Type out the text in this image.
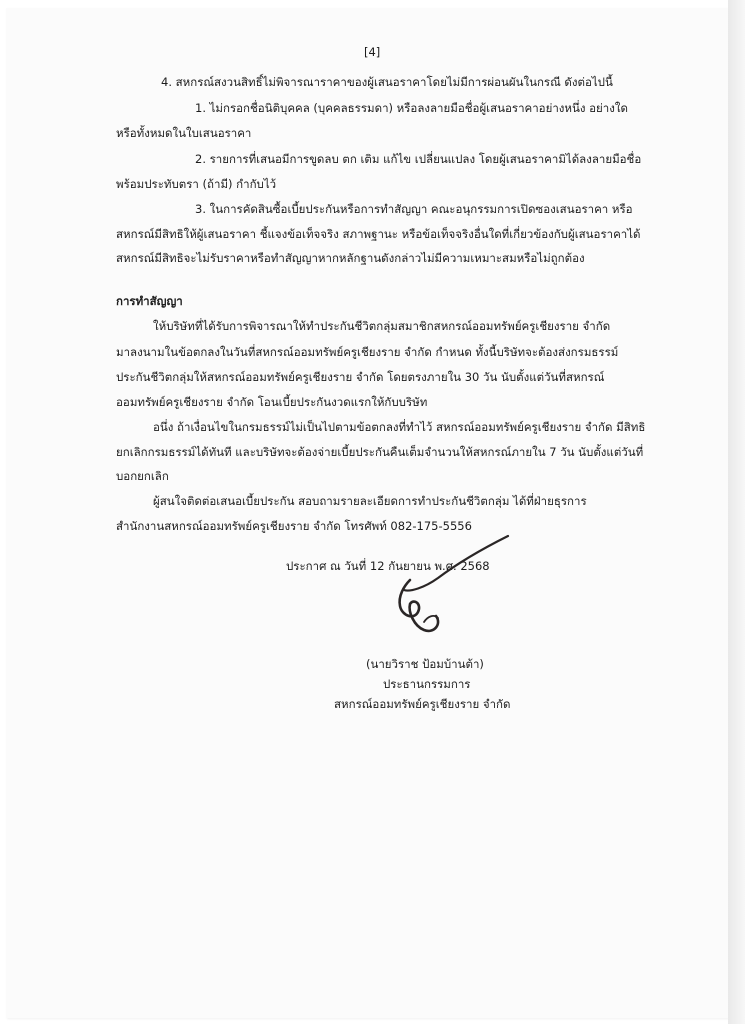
[4]
4. สหกรณ์สงวนสิทธิ์ไม่พิจารณาราคาของผู้เสนอราคาโดยไม่มีการผ่อนผันในกรณี ดังต่อไปนี้
1. ไม่กรอกชื่อนิติบุคคล (บุคคลธรรมดา) หรือลงลายมือชื่อผู้เสนอราคาอย่างหนึ่ง อย่างใด
หรือทั้งหมดในใบเสนอราคา
2. รายการที่เสนอมีการขูดลบ ตก เติม แก้ไข เปลี่ยนแปลง โดยผู้เสนอราคามิได้ลงลายมือชื่อ
พร้อมประทับตรา (ถ้ามี) กำกับไว้
3. ในการคัดสินซื้อเบี้ยประกันหรือการทำสัญญา คณะอนุกรรมการเปิดซองเสนอราคา หรือ
สหกรณ์มีสิทธิให้ผู้เสนอราคา ชี้แจงข้อเท็จจริง สภาพฐานะ หรือข้อเท็จจริงอื่นใดที่เกี่ยวข้องกับผู้เสนอราคาได้
สหกรณ์มีสิทธิจะไม่รับราคาหรือทำสัญญาหากหลักฐานดังกล่าวไม่มีความเหมาะสมหรือไม่ถูกต้อง
การทำสัญญา
ให้บริษัทที่ได้รับการพิจารณาให้ทำประกันชีวิตกลุ่มสมาชิกสหกรณ์ออมทรัพย์ครูเชียงราย จำกัด
มาลงนามในข้อตกลงในวันที่สหกรณ์ออมทรัพย์ครูเชียงราย จำกัด กำหนด ทั้งนี้บริษัทจะต้องส่งกรมธรรม์
ประกันชีวิตกลุ่มให้สหกรณ์ออมทรัพย์ครูเชียงราย จำกัด โดยตรงภายใน 30 วัน นับตั้งแต่วันที่สหกรณ์
ออมทรัพย์ครูเชียงราย จำกัด โอนเบี้ยประกันงวดแรกให้กับบริษัท
อนึ่ง ถ้าเงื่อนไขในกรมธรรม์ไม่เป็นไปตามข้อตกลงที่ทำไว้ สหกรณ์ออมทรัพย์ครูเชียงราย จำกัด มีสิทธิ
ยกเลิกกรมธรรม์ได้ทันที และบริษัทจะต้องจ่ายเบี้ยประกันคืนเต็มจำนวนให้สหกรณ์ภายใน 7 วัน นับตั้งแต่วันที่
บอกยกเลิก
ผู้สนใจติดต่อเสนอเบี้ยประกัน สอบถามรายละเอียดการทำประกันชีวิตกลุ่ม ได้ที่ฝ่ายธุรการ
สำนักงานสหกรณ์ออมทรัพย์ครูเชียงราย จำกัด โทรศัพท์ 082-175-5556
ประกาศ ณ วันที่ 12 กันยายน พ.ศ. 2568
(นายวิราช ป้อมบ้านต้า)
ประธานกรรมการ
สหกรณ์ออมทรัพย์ครูเชียงราย จำกัด
